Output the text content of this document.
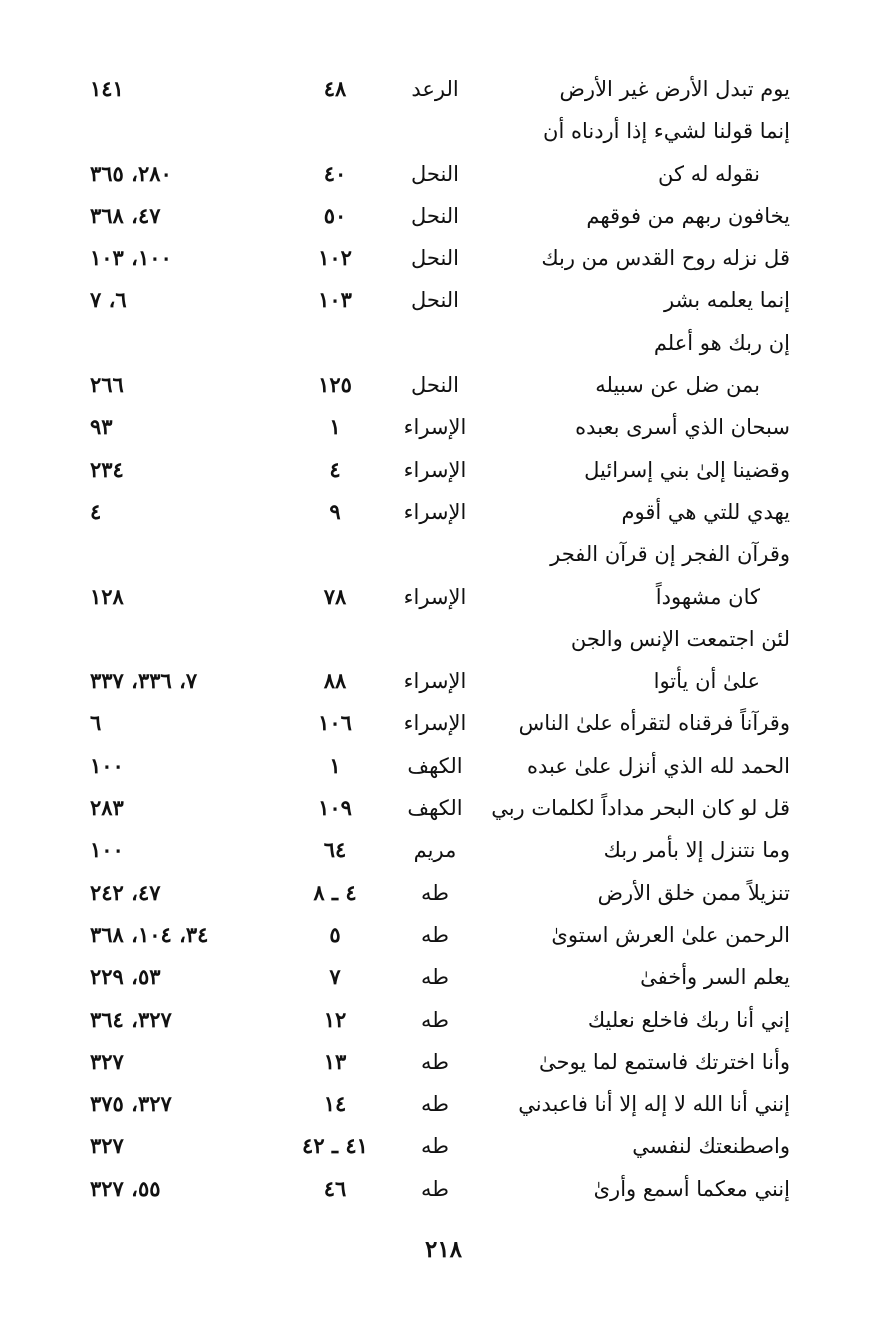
يوم تبدل الأرض غير الأرض
الرعد
٤٨
١٤١
إنما قولنا لشيء إذا أردناه أن
نقوله له كن
النحل
٤٠
٢٨٠، ٣٦٥
يخافون ربهم من فوقهم
النحل
٥٠
٤٧، ٣٦٨
قل نزله روح القدس من ربك
النحل
١٠٢
١٠٠، ١٠٣
إنما يعلمه بشر
النحل
١٠٣
٦، ٧
إن ربك هو أعلم
بمن ضل عن سبيله
النحل
١٢٥
٢٦٦
سبحان الذي أسرى بعبده
الإسراء
١
٩٣
وقضينا إلىٰ بني إسرائيل
الإسراء
٤
٢٣٤
يهدي للتي هي أقوم
الإسراء
٩
٤
وقرآن الفجر إن قرآن الفجر
كان مشهوداً
الإسراء
٧٨
١٢٨
لئن اجتمعت الإنس والجن
علىٰ أن يأتوا
الإسراء
٨٨
٧، ٣٣٦، ٣٣٧
وقرآناً فرقناه لتقرأه علىٰ الناس
الإسراء
١٠٦
٦
الحمد لله الذي أنزل علىٰ عبده
الكهف
١
١٠٠
قل لو كان البحر مداداً لكلمات ربي
الكهف
١٠٩
٢٨٣
وما نتنزل إلا بأمر ربك
مريم
٦٤
١٠٠
تنزيلاً ممن خلق الأرض
طه
٤ ـ ٨
٤٧، ٢٤٢
الرحمن علىٰ العرش استوىٰ
طه
٥
٣٤، ١٠٤، ٣٦٨
يعلم السر وأخفىٰ
طه
٧
٥٣، ٢٢٩
إني أنا ربك فاخلع نعليك
طه
١٢
٣٢٧، ٣٦٤
وأنا اخترتك فاستمع لما يوحىٰ
طه
١٣
٣٢٧
إنني أنا الله لا إله إلا أنا فاعبدني
طه
١٤
٣٢٧، ٣٧٥
واصطنعتك لنفسي
طه
٤١ ـ ٤٢
٣٢٧
إنني معكما أسمع وأرىٰ
طه
٤٦
٥٥، ٣٢٧
٢١٨
